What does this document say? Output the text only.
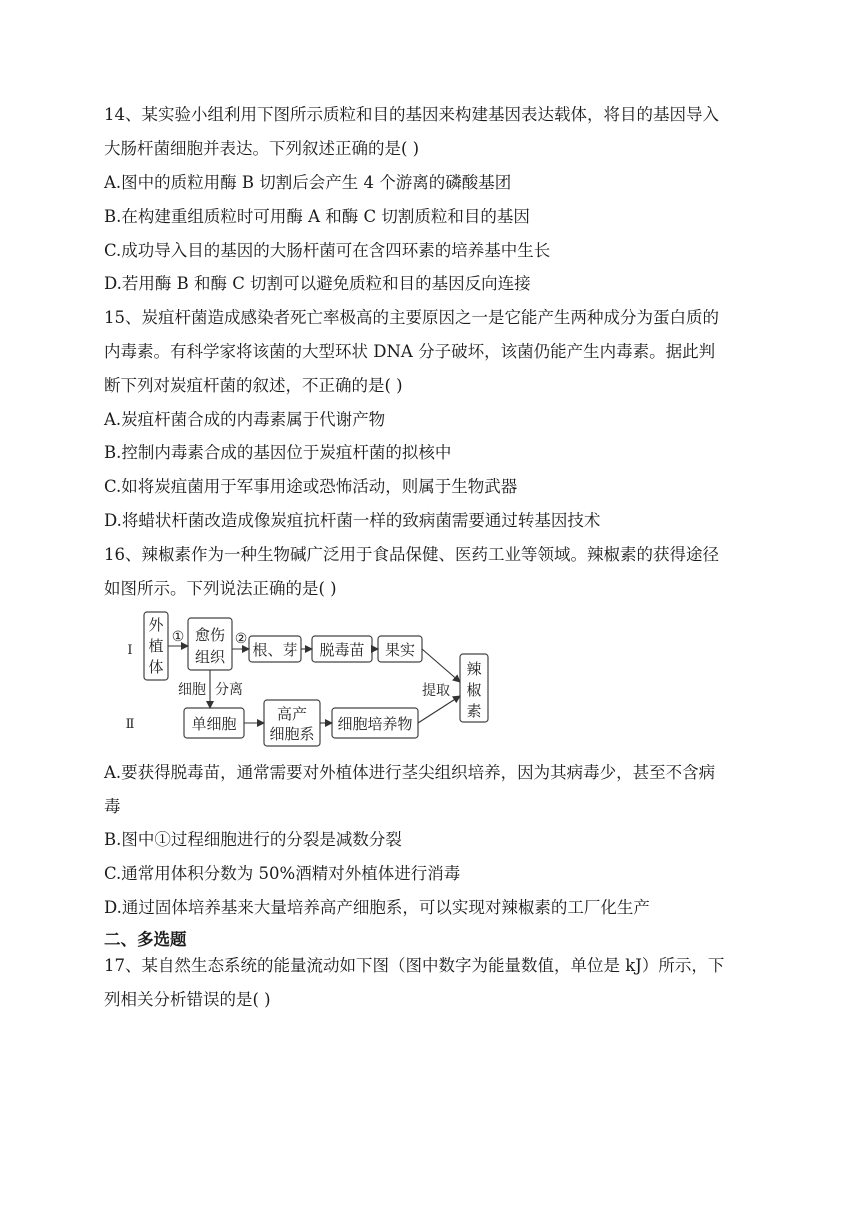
14、某实验小组利用下图所示质粒和目的基因来构建基因表达载体，将目的基因导入
大肠杆菌细胞并表达。下列叙述正确的是( )
A.图中的质粒用酶 B 切割后会产生 4 个游离的磷酸基团
B.在构建重组质粒时可用酶 A 和酶 C 切割质粒和目的基因
C.成功导入目的基因的大肠杆菌可在含四环素的培养基中生长
D.若用酶 B 和酶 C 切割可以避免质粒和目的基因反向连接
15、炭疽杆菌造成感染者死亡率极高的主要原因之一是它能产生两种成分为蛋白质的
内毒素。有科学家将该菌的大型环状 DNA 分子破坏，该菌仍能产生内毒素。据此判
断下列对炭疽杆菌的叙述，不正确的是( )
A.炭疽杆菌合成的内毒素属于代谢产物
B.控制内毒素合成的基因位于炭疽杆菌的拟核中
C.如将炭疽菌用于军事用途或恐怖活动，则属于生物武器
D.将蜡状杆菌改造成像炭疽抗杆菌一样的致病菌需要通过转基因技术
16、辣椒素作为一种生物碱广泛用于食品保健、医药工业等领域。辣椒素的获得途径
如图所示。下列说法正确的是( )
Ⅰ
Ⅱ
外
植
体
①	②
愈伤
组织 根、芽 脱毒苗 果实
辣
椒
素
细胞 分离	提取
单细胞
高产
细胞系
细胞培养物
A.要获得脱毒苗，通常需要对外植体进行茎尖组织培养，因为其病毒少，甚至不含病
毒
B.图中①过程细胞进行的分裂是减数分裂
C.通常用体积分数为 50%酒精对外植体进行消毒
D.通过固体培养基来大量培养高产细胞系，可以实现对辣椒素的工厂化生产
二、多选题
17、某自然生态系统的能量流动如下图（图中数字为能量数值，单位是 kJ）所示，下
列相关分析错误的是( )
